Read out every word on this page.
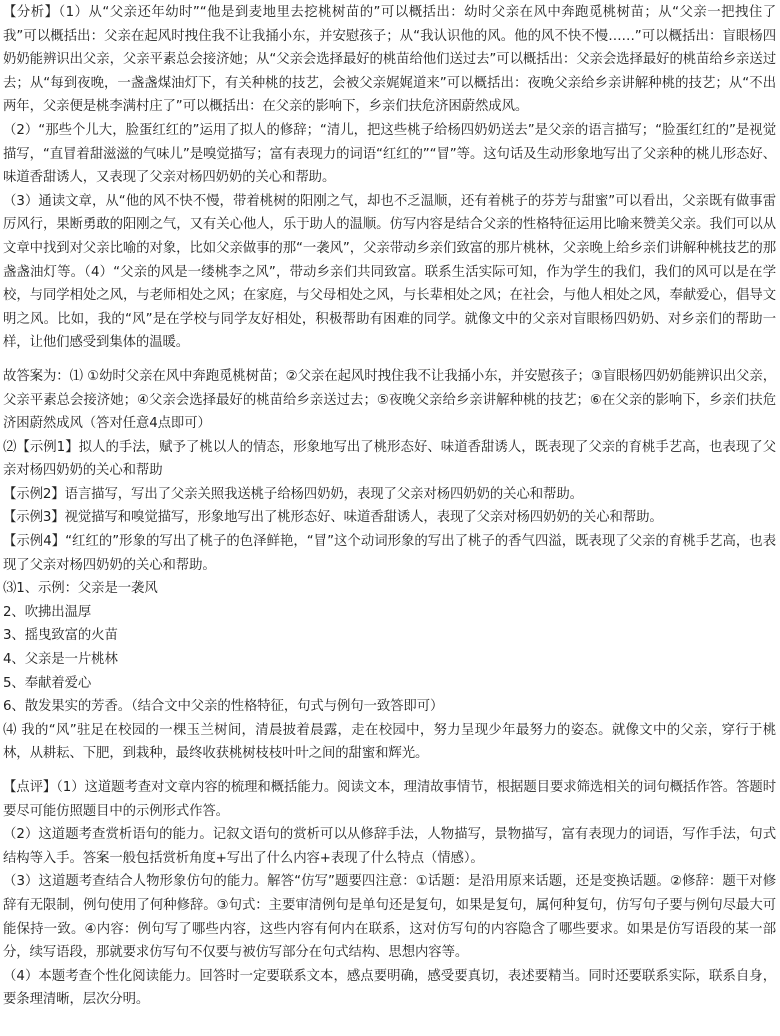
【分析】（1）从“父亲还年幼时”“他是到麦地里去挖桃树苗的”可以概括出：幼时父亲在风中奔跑觅桃树苗；从“父亲一把拽住了我”可以概括出：父亲在起风时拽住我不让我捅小东，并安慰孩子；从“我认识他的风。他的风不快不慢……”可以概括出：盲眼杨四奶奶能辨识出父亲，父亲平素总会接济她；从“父亲会选择最好的桃苗给他们送过去”可以概括出：父亲会选择最好的桃苗给乡亲送过去；从“每到夜晚，一盏盏煤油灯下，有关种桃的技艺，会被父亲娓娓道来”可以概括出：夜晚父亲给乡亲讲解种桃的技艺；从“不出两年，父亲便是桃李满村庄了”可以概括出：在父亲的影响下，乡亲们扶危济困蔚然成风。

（2）“那些个儿大，脸蛋红红的”运用了拟人的修辞；“清儿，把这些桃子给杨四奶奶送去”是父亲的语言描写；“脸蛋红红的”是视觉描写，“直冒着甜滋滋的气味儿”是嗅觉描写；富有表现力的词语“红红的”“冒”等。这句话及生动形象地写出了父亲种的桃儿形态好、味道香甜诱人，又表现了父亲对杨四奶奶的关心和帮助。

（3）通读文章，从“他的风不快不慢，带着桃树的阳刚之气，却也不乏温顺，还有着桃子的芬芳与甜蜜”可以看出，父亲既有做事雷厉风行，果断勇敢的阳刚之气，又有关心他人，乐于助人的温顺。仿写内容是结合父亲的性格特征运用比喻来赞美父亲。我们可以从文章中找到对父亲比喻的对象，比如父亲做事的那“一袭风”，父亲带动乡亲们致富的那片桃林，父亲晚上给乡亲们讲解种桃技艺的那盏盏油灯等。（4）“父亲的风是一缕桃李之风”，带动乡亲们共同致富。联系生活实际可知，作为学生的我们，我们的风可以是在学校，与同学相处之风，与老师相处之风；在家庭，与父母相处之风，与长辈相处之风；在社会，与他人相处之风，奉献爱心，倡导文明之风。比如，我的“风”是在学校与同学友好相处，积极帮助有困难的同学。就像文中的父亲对盲眼杨四奶奶、对乡亲们的帮助一样，让他们感受到集体的温暖。

故答案为：⑴ ①幼时父亲在风中奔跑觅桃树苗；②父亲在起风时拽住我不让我捅小东，并安慰孩子；③盲眼杨四奶奶能辨识出父亲，父亲平素总会接济她；④父亲会选择最好的桃苗给乡亲送过去；⑤夜晚父亲给乡亲讲解种桃的技艺；⑥在父亲的影响下，乡亲们扶危济困蔚然成风（答对任意4点即可）

⑵【示例1】拟人的手法，赋予了桃以人的情态，形象地写出了桃形态好、味道香甜诱人，既表现了父亲的育桃手艺高，也表现了父亲对杨四奶奶的关心和帮助

【示例2】语言描写，写出了父亲关照我送桃子给杨四奶奶，表现了父亲对杨四奶奶的关心和帮助。

【示例3】视觉描写和嗅觉描写，形象地写出了桃形态好、味道香甜诱人，表现了父亲对杨四奶奶的关心和帮助。

【示例4】“红红的”形象的写出了桃子的色泽鲜艳，“冒”这个动词形象的写出了桃子的香气四溢，既表现了父亲的育桃手艺高，也表现了父亲对杨四奶奶的关心和帮助。

⑶1、示例：父亲是一袭风

2、吹拂出温厚

3、摇曳致富的火苗

4、父亲是一片桃林

5、奉献着爱心

6、散发果实的芳香。（结合文中父亲的性格特征，句式与例句一致答即可）

⑷ 我的“风”驻足在校园的一棵玉兰树间，清晨披着晨露，走在校园中，努力呈现少年最努力的姿态。就像文中的父亲，穿行于桃林，从耕耘、下肥，到栽种，最终收获桃树枝枝叶叶之间的甜蜜和辉光。

【点评】（1）这道题考查对文章内容的梳理和概括能力。阅读文本，理清故事情节，根据题目要求筛选相关的词句概括作答。答题时要尽可能仿照题目中的示例形式作答。

（2）这道题考查赏析语句的能力。记叙文语句的赏析可以从修辞手法，人物描写，景物描写，富有表现力的词语，写作手法，句式结构等入手。答案一般包括赏析角度+写出了什么内容+表现了什么特点（情感）。

（3）这道题考查结合人物形象仿句的能力。解答“仿写”题要四注意：①话题：是沿用原来话题，还是变换话题。②修辞：题干对修辞有无限制，例句使用了何种修辞。③句式：主要审清例句是单句还是复句，如果是复句，属何种复句，仿写句子要与例句尽最大可能保持一致。④内容：例句写了哪些内容，这些内容有何内在联系，这对仿写句的内容隐含了哪些要求。如果是仿写语段的某一部分，续写语段，那就要求仿写句不仅要与被仿写部分在句式结构、思想内容等。

（4）本题考查个性化阅读能力。回答时一定要联系文本，感点要明确，感受要真切，表述要精当。同时还要联系实际，联系自身，要条理清晰，层次分明。
